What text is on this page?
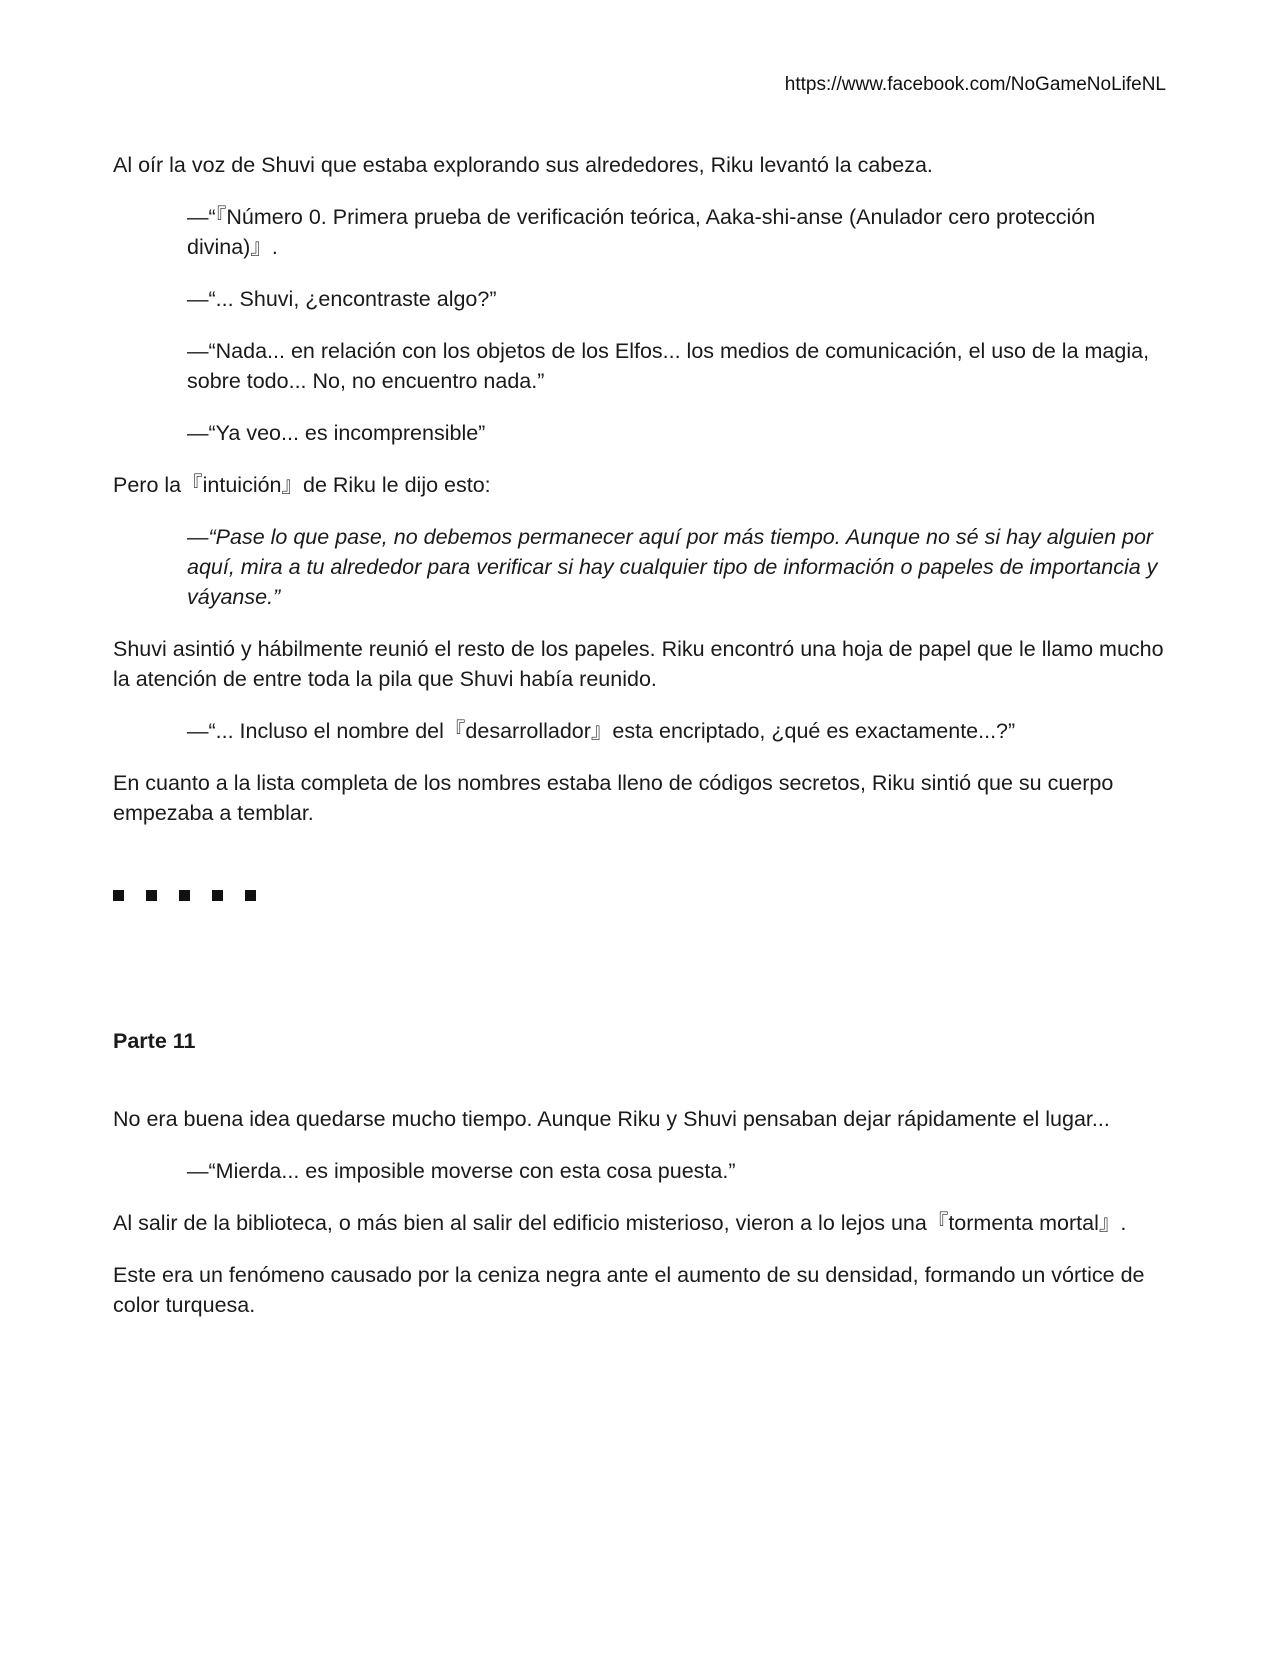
https://www.facebook.com/NoGameNoLifeNL

Al oír la voz de Shuvi que estaba explorando sus alrededores, Riku levantó la cabeza.

—“『Número 0. Primera prueba de verificación teórica, Aaka-shi-anse (Anulador cero protección divina)』.

—“... Shuvi, ¿encontraste algo?”

—“Nada... en relación con los objetos de los Elfos... los medios de comunicación, el uso de la magia, sobre todo... No, no encuentro nada.”

—“Ya veo... es incomprensible”

Pero la『intuición』de Riku le dijo esto:

—“Pase lo que pase, no debemos permanecer aquí por más tiempo. Aunque no sé si hay alguien por aquí, mira a tu alrededor para verificar si hay cualquier tipo de información o papeles de importancia y váyanse.”

Shuvi asintió y hábilmente reunió el resto de los papeles. Riku encontró una hoja de papel que le llamo mucho la atención de entre toda la pila que Shuvi había reunido.

—“... Incluso el nombre del『desarrollador』esta encriptado, ¿qué es exactamente...?”

En cuanto a la lista completa de los nombres estaba lleno de códigos secretos, Riku sintió que su cuerpo empezaba a temblar.

Parte 11

No era buena idea quedarse mucho tiempo. Aunque Riku y Shuvi pensaban dejar rápidamente el lugar...

—“Mierda... es imposible moverse con esta cosa puesta.”

Al salir de la biblioteca, o más bien al salir del edificio misterioso, vieron a lo lejos una『tormenta mortal』.

Este era un fenómeno causado por la ceniza negra ante el aumento de su densidad, formando un vórtice de color turquesa.
